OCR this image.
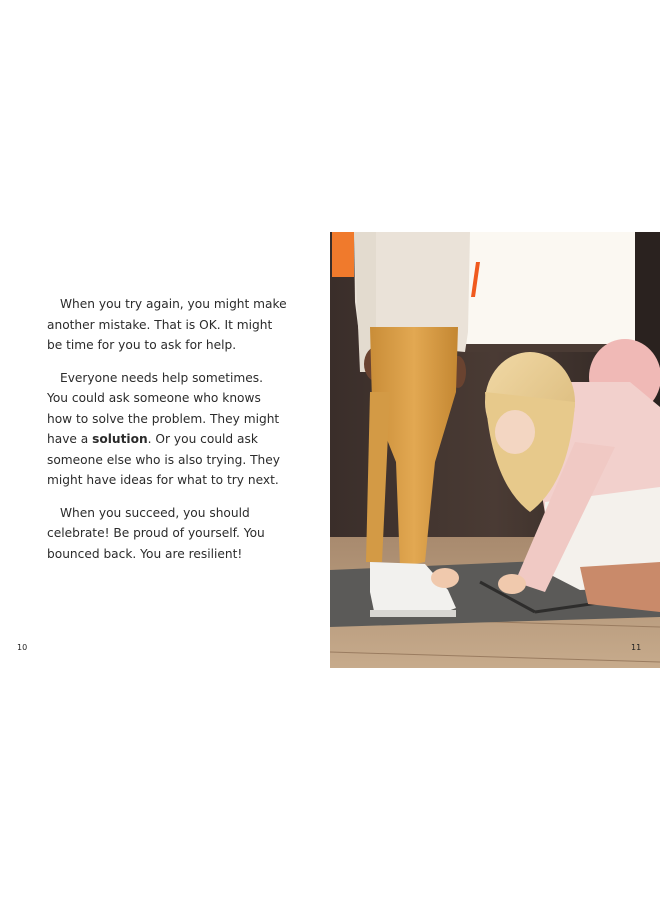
When you try again, you might make another mistake. That is OK. It might be time for you to ask for help.

Everyone needs help sometimes. You could ask someone who knows how to solve the problem. They might have a solution. Or you could ask someone else who is also trying. They might have ideas for what to try next.

When you succeed, you should celebrate! Be proud of yourself. You bounced back. You are resilient!

10	11
